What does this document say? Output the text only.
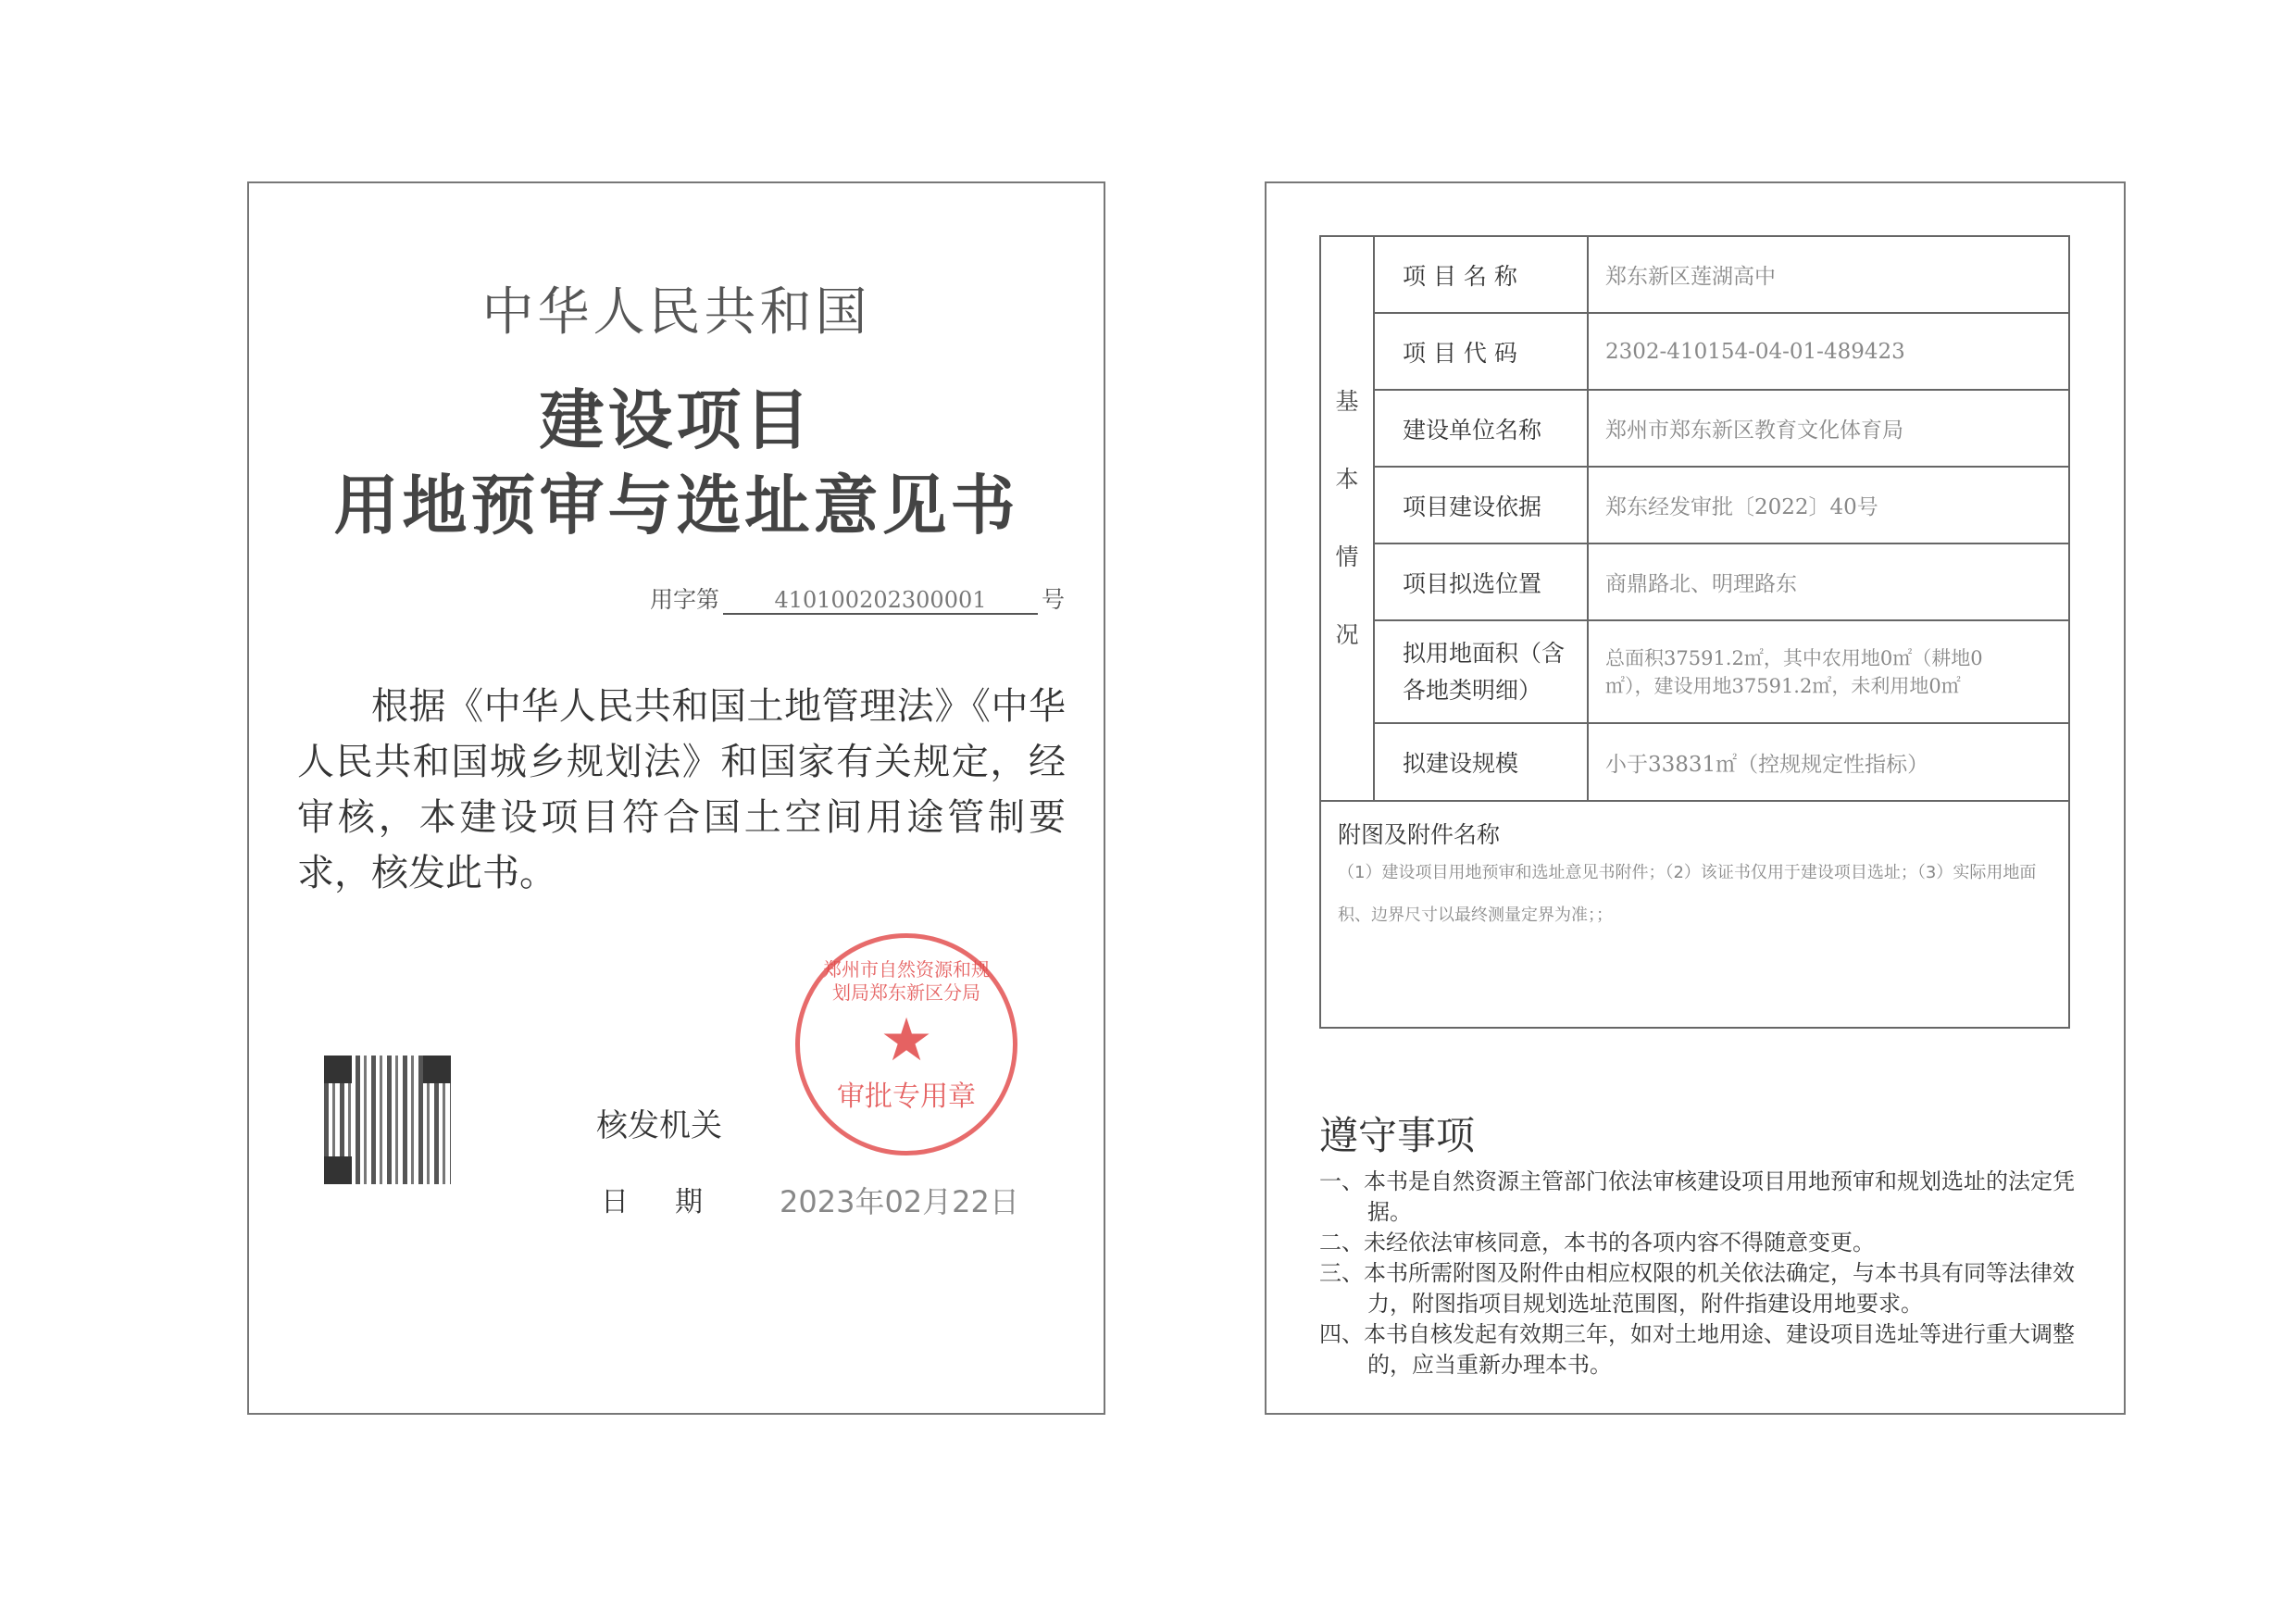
中华人民共和国
建设项目
用地预审与选址意见书
用字第	410100202300001	号
根据《中华人民共和国土地管理法》《中华人民共和国城乡规划法》和国家有关规定，经审核，本建设项目符合国土空间用途管制要求，核发此书。
郑州市自然资源和规划局郑东新区分局
★
审批专用章
核发机关
日期 2023年02月22日
基本情况	项 目 名 称	郑东新区莲湖高中
	项 目 代 码	2302-410154-04-01-489423
	建设单位名称	郑州市郑东新区教育文化体育局
	项目建设依据	郑东经发审批〔2022〕40号
	项目拟选位置	商鼎路北、明理路东
	拟用地面积（含各地类明细）	总面积37591.2㎡，其中农用地0㎡（耕地0㎡），建设用地37591.2㎡，未利用地0㎡
	拟建设规模	小于33831㎡（控规规定性指标）

附图及附件名称
（1）建设项目用地预审和选址意见书附件；（2）该证书仅用于建设项目选址；（3）实际用地面积、边界尺寸以最终测量定界为准；；		
遵守事项
一、本书是自然资源主管部门依法审核建设项目用地预审和规划选址的法定凭据。
二、未经依法审核同意，本书的各项内容不得随意变更。
三、本书所需附图及附件由相应权限的机关依法确定，与本书具有同等法律效力，附图指项目规划选址范围图，附件指建设用地要求。
四、本书自核发起有效期三年，如对土地用途、建设项目选址等进行重大调整的，应当重新办理本书。
